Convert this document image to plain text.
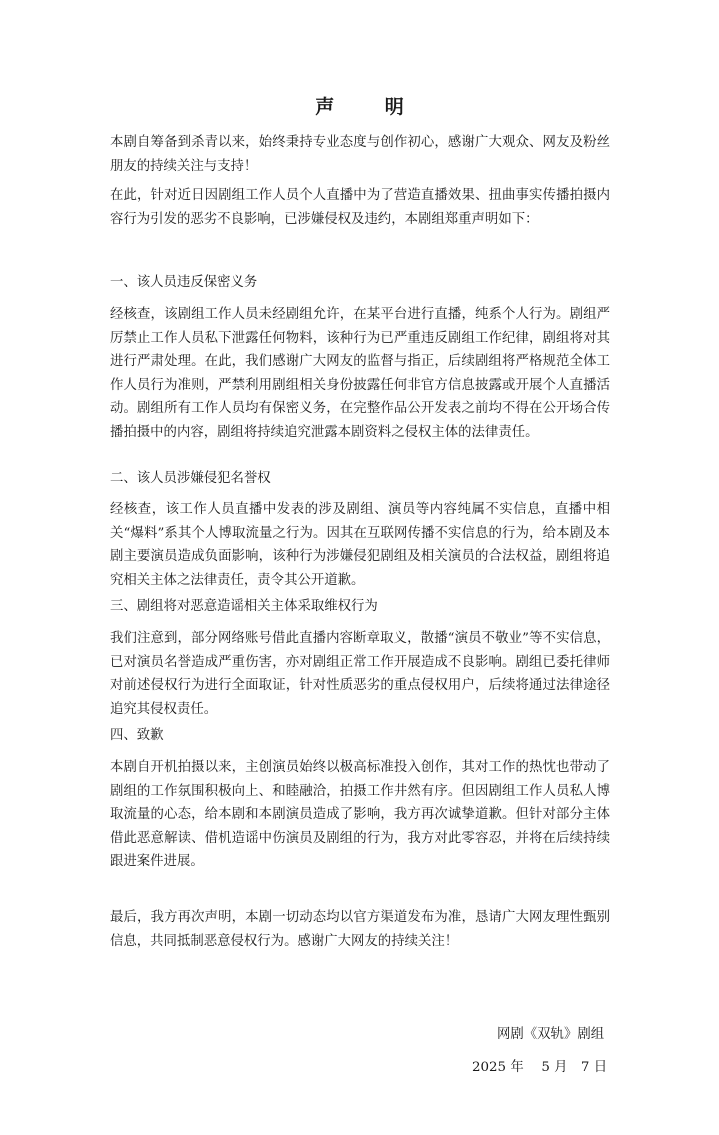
声 明

本剧自筹备到杀青以来，始终秉持专业态度与创作初心，感谢广大观众、网友及粉丝朋友的持续关注与支持！

在此，针对近日因剧组工作人员个人直播中为了营造直播效果、扭曲事实传播拍摄内容行为引发的恶劣不良影响，已涉嫌侵权及违约，本剧组郑重声明如下：

一、该人员违反保密义务

经核查，该剧组工作人员未经剧组允许，在某平台进行直播，纯系个人行为。剧组严厉禁止工作人员私下泄露任何物料，该种行为已严重违反剧组工作纪律，剧组将对其进行严肃处理。在此，我们感谢广大网友的监督与指正，后续剧组将严格规范全体工作人员行为准则，严禁利用剧组相关身份披露任何非官方信息披露或开展个人直播活动。剧组所有工作人员均有保密义务，在完整作品公开发表之前均不得在公开场合传播拍摄中的内容，剧组将持续追究泄露本剧资料之侵权主体的法律责任。

二、该人员涉嫌侵犯名誉权

经核查，该工作人员直播中发表的涉及剧组、演员等内容纯属不实信息，直播中相关“爆料”系其个人博取流量之行为。因其在互联网传播不实信息的行为，给本剧及本剧主要演员造成负面影响，该种行为涉嫌侵犯剧组及相关演员的合法权益，剧组将追究相关主体之法律责任，责令其公开道歉。

三、剧组将对恶意造谣相关主体采取维权行为

我们注意到，部分网络账号借此直播内容断章取义，散播“演员不敬业”等不实信息，已对演员名誉造成严重伤害，亦对剧组正常工作开展造成不良影响。剧组已委托律师对前述侵权行为进行全面取证，针对性质恶劣的重点侵权用户，后续将通过法律途径追究其侵权责任。

四、致歉

本剧自开机拍摄以来，主创演员始终以极高标准投入创作，其对工作的热忱也带动了剧组的工作氛围积极向上、和睦融洽，拍摄工作井然有序。但因剧组工作人员私人博取流量的心态，给本剧和本剧演员造成了影响，我方再次诚挚道歉。但针对部分主体借此恶意解读、借机造谣中伤演员及剧组的行为，我方对此零容忍，并将在后续持续跟进案件进展。

最后，我方再次声明，本剧一切动态均以官方渠道发布为准，恳请广大网友理性甄别信息，共同抵制恶意侵权行为。感谢广大网友的持续关注！

网剧《双轨》剧组
2025 年　 5 月　7 日
